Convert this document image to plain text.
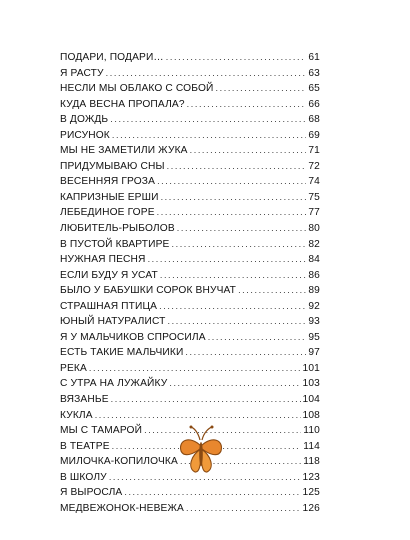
ПОДАРИ, ПОДАРИ… .....	61
Я РАСТУ .....	63
НЕСЛИ МЫ ОБЛАКО С СОБОЙ .....	65
КУДА ВЕСНА ПРОПАЛА? .....	66
В ДОЖДЬ .....	68
РИСУНОК .....	69
МЫ НЕ ЗАМЕТИЛИ ЖУКА .....	71
ПРИДУМЫВАЮ СНЫ .....	72
ВЕСЕННЯЯ ГРОЗА .....	74
КАПРИЗНЫЕ ЕРШИ .....	75
ЛЕБЕДИНОЕ ГОРЕ .....	77
ЛЮБИТЕЛЬ-РЫБОЛОВ .....	80
В ПУСТОЙ КВАРТИРЕ .....	82
НУЖНАЯ ПЕСНЯ .....	84
ЕСЛИ БУДУ Я УСАТ .....	86
БЫЛО У БАБУШКИ СОРОК ВНУЧАТ .....	89
СТРАШНАЯ ПТИЦА .....	92
ЮНЫЙ НАТУРАЛИСТ .....	93
Я У МАЛЬЧИКОВ СПРОСИЛА .....	95
ЕСТЬ ТАКИЕ МАЛЬЧИКИ .....	97
РЕКА .....	101
С УТРА НА ЛУЖАЙКУ .....	103
ВЯЗАНЬЕ .....	104
КУКЛА .....	108
МЫ С ТАМАРОЙ .....	110
В ТЕАТРЕ .....	114
МИЛОЧКА-КОПИЛОЧКА .....	118
В ШКОЛУ .....	123
Я ВЫРОСЛА .....	125
МЕДВЕЖОНОК-НЕВЕЖА .....	126
